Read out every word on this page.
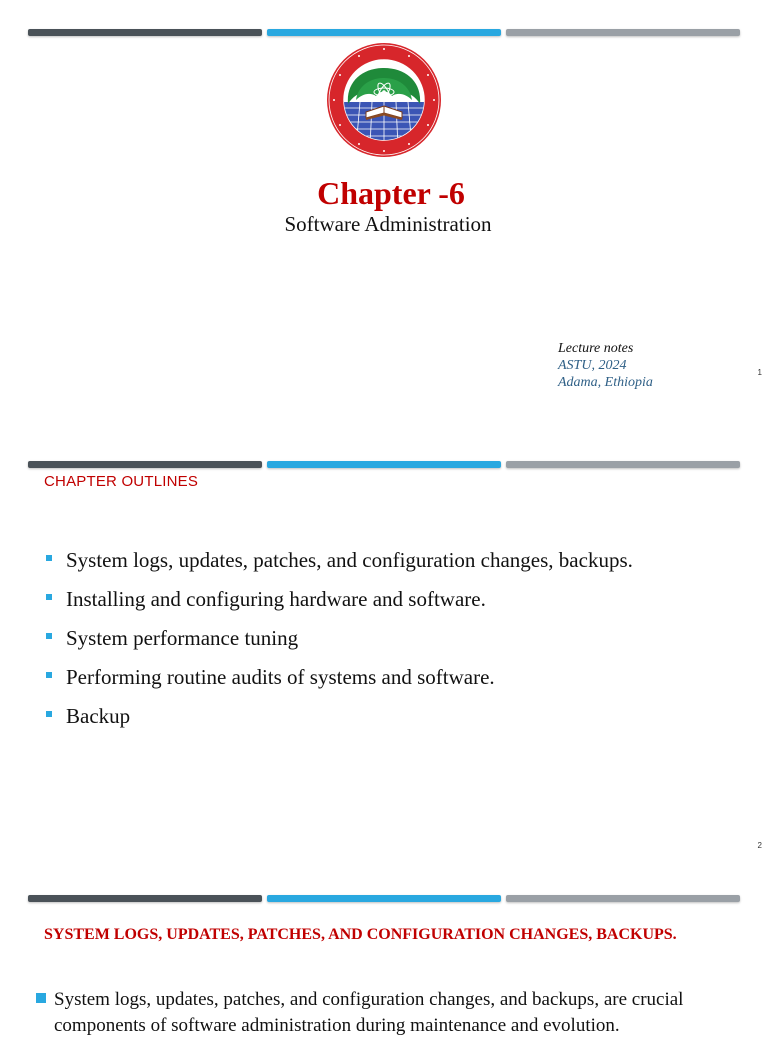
Chapter -6
Software Administration
Lecture notes
ASTU, 2024
Adama, Ethiopia
1
CHAPTER OUTLINES
System logs, updates, patches, and configuration changes, backups.
Installing and configuring hardware and software.
System performance tuning
Performing routine audits of systems and software.
Backup
2
SYSTEM LOGS, UPDATES, PATCHES, AND CONFIGURATION CHANGES, BACKUPS.
System logs, updates, patches, and configuration changes, and backups, are crucial components of software administration during maintenance and evolution.
